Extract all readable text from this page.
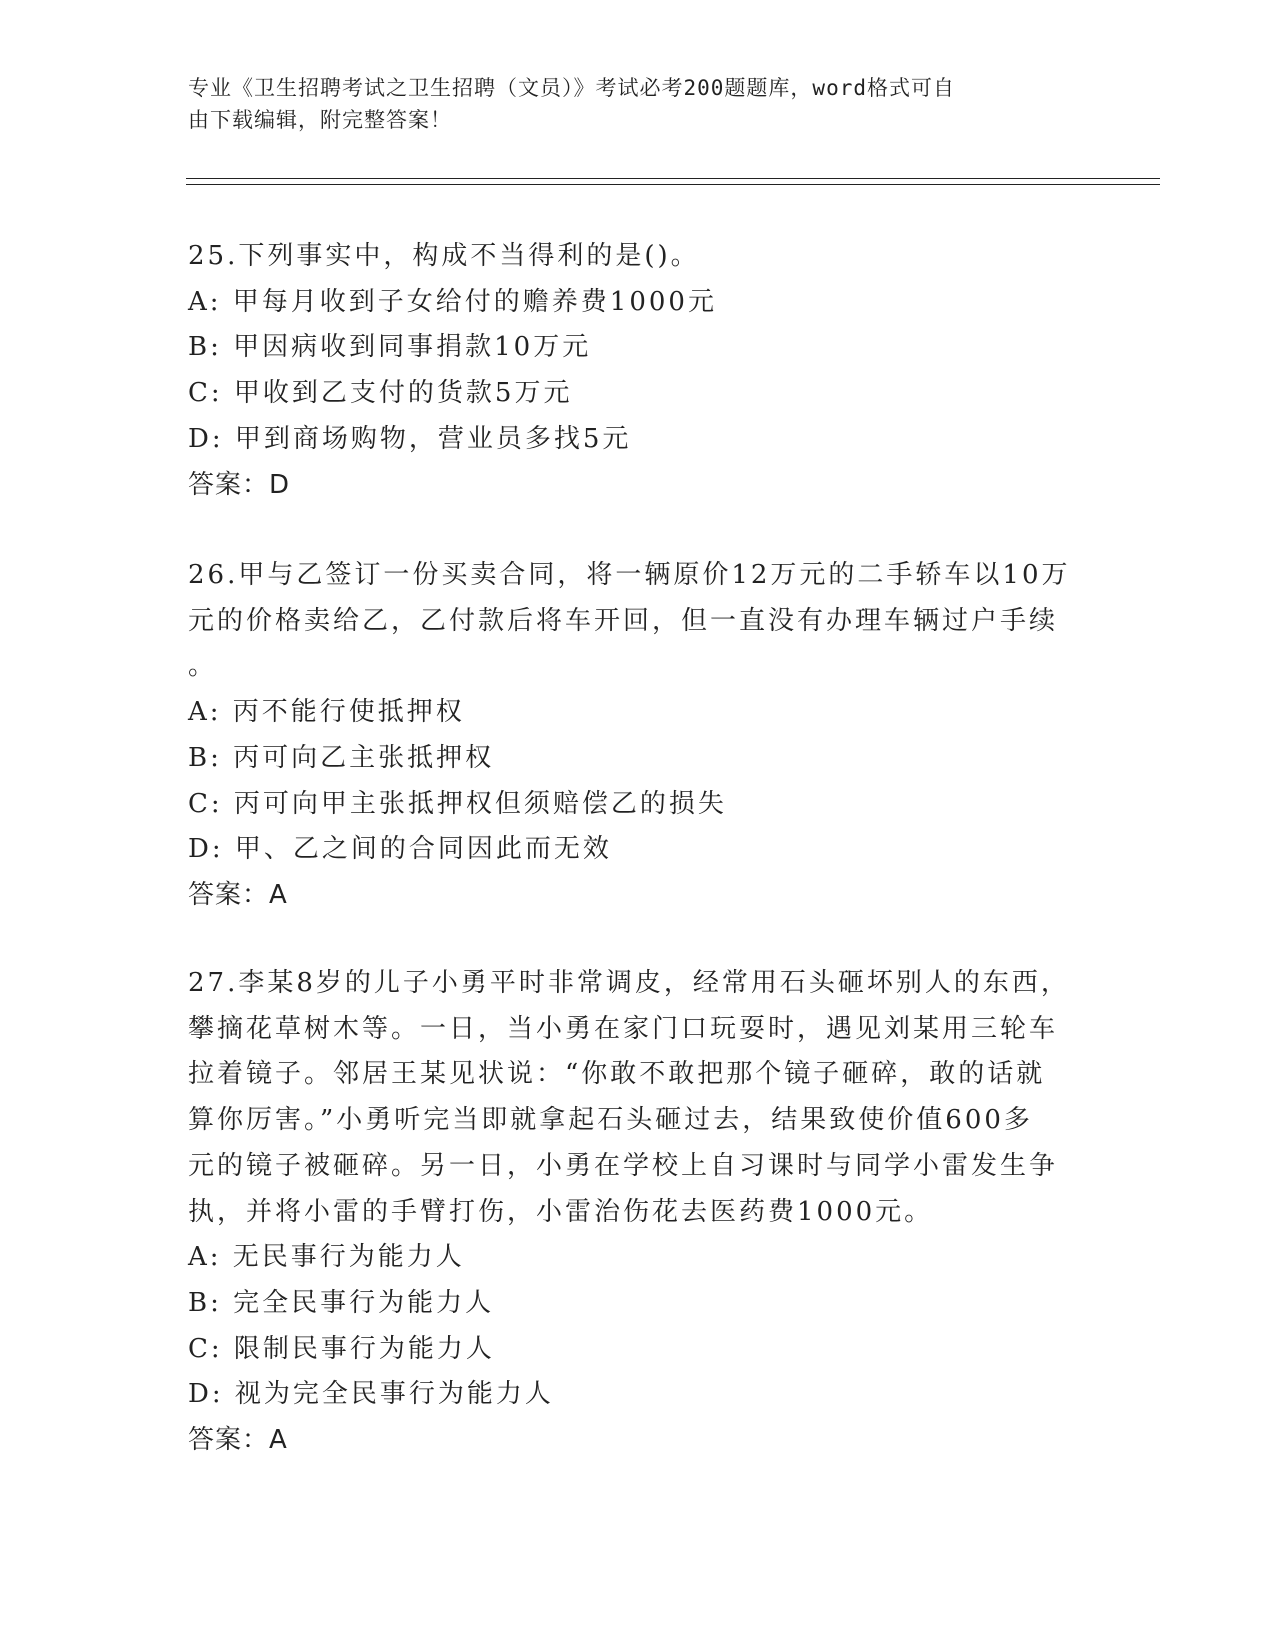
专业《卫生招聘考试之卫生招聘（文员）》考试必考200题题库，word格式可自
由下载编辑，附完整答案！
25.下列事实中，构成不当得利的是()。
A: 甲每月收到子女给付的赡养费1000元
B: 甲因病收到同事捐款10万元
C: 甲收到乙支付的货款5万元
D: 甲到商场购物，营业员多找5元
答案：D
26.甲与乙签订一份买卖合同，将一辆原价12万元的二手轿车以10万
元的价格卖给乙，乙付款后将车开回，但一直没有办理车辆过户手续
。
A: 丙不能行使抵押权
B: 丙可向乙主张抵押权
C: 丙可向甲主张抵押权但须赔偿乙的损失
D: 甲、乙之间的合同因此而无效
答案：A
27.李某8岁的儿子小勇平时非常调皮，经常用石头砸坏别人的东西，
攀摘花草树木等。一日，当小勇在家门口玩耍时，遇见刘某用三轮车
拉着镜子。邻居王某见状说：“你敢不敢把那个镜子砸碎，敢的话就
算你厉害。”小勇听完当即就拿起石头砸过去，结果致使价值600多
元的镜子被砸碎。另一日，小勇在学校上自习课时与同学小雷发生争
执，并将小雷的手臂打伤，小雷治伤花去医药费1000元。
A: 无民事行为能力人
B: 完全民事行为能力人
C: 限制民事行为能力人
D: 视为完全民事行为能力人
答案：A
